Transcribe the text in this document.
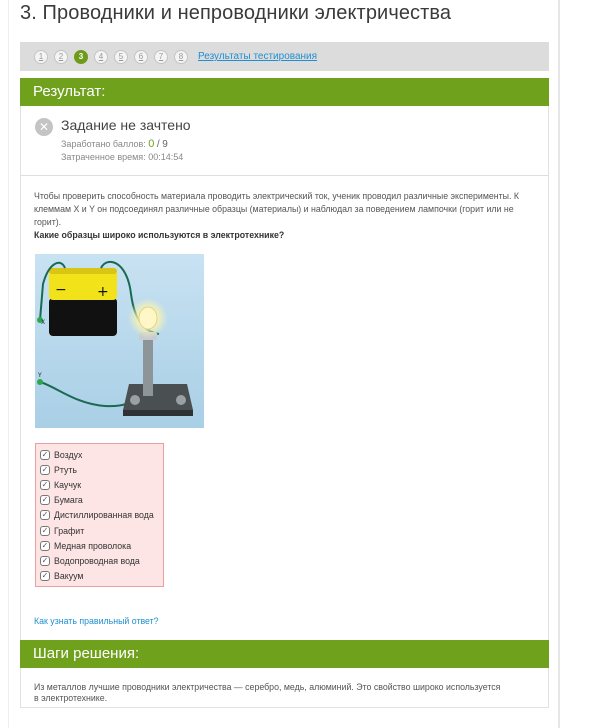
3. Проводники и непроводники электричества
1	2	3	4	5	6	7	8	Результаты тестирования
Результат:
✕ Задание не зачтено
Заработано баллов: 0 / 9
Затраченное время: 00:14:54
Чтобы проверить способность материала проводить электрический ток, ученик проводил различные эксперименты. К клеммам X и Y он подсоединял различные образцы (материалы) и наблюдал за поведением лампочки (горит или не горит).
Какие образцы широко используются в электротехнике?
− +
X
Y
✓ Воздух
✓ Ртуть
✓ Каучук
✓ Бумага
✓ Дистиллированная вода
✓ Графит
✓ Медная проволока
✓ Водопроводная вода
✓ Вакуум
Как узнать правильный ответ?
Шаги решения:
Из металлов лучшие проводники электричества — серебро, медь, алюминий. Это свойство широко используется в электротехнике.
